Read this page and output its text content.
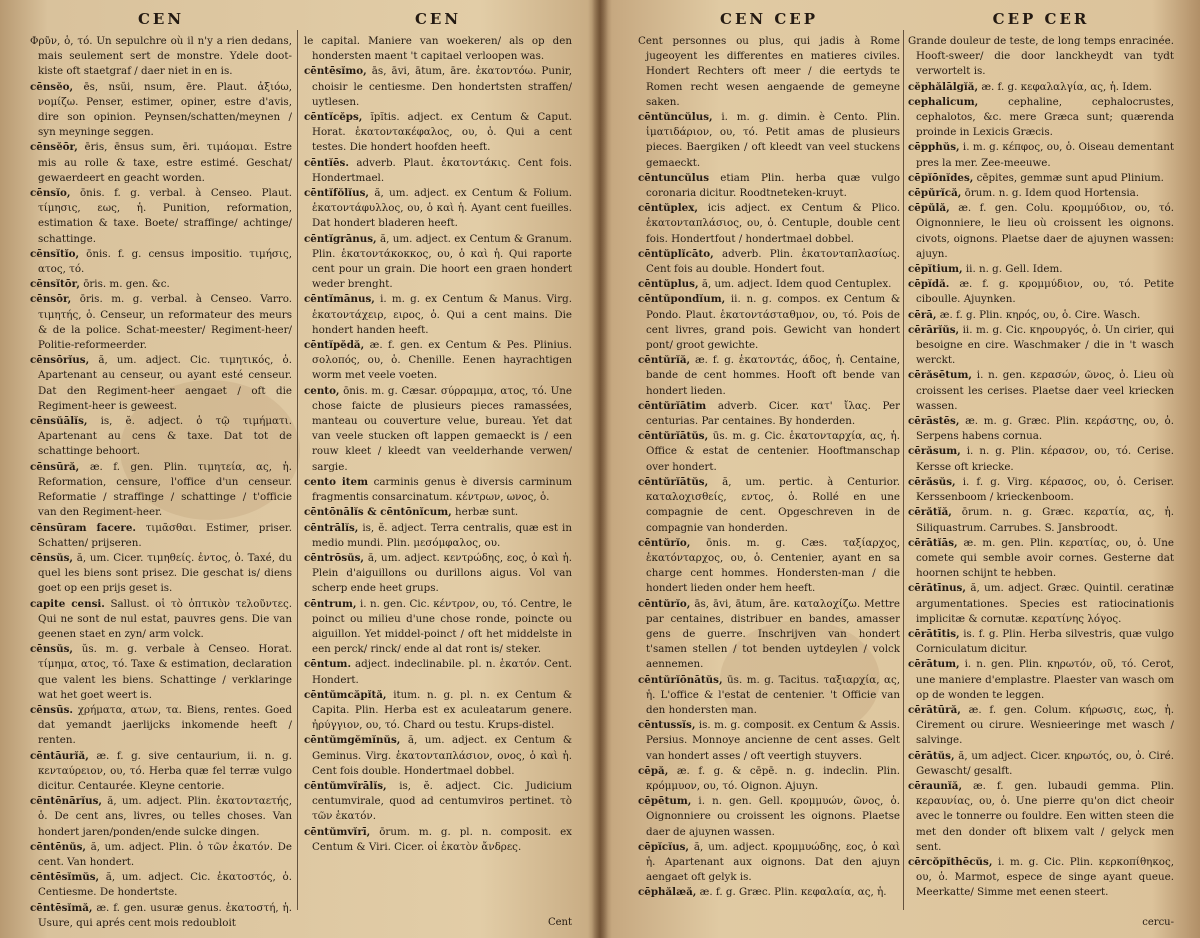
CEN

Φρῦν, ὁ, τό. Un sepulchre où il n'y a rien dedans, mais seulement sert de monstre. Ydele doot-kiste oft staetgraf / daer niet in en is.

cēnsĕo, ēs, nsŭi, nsum, ēre. Plaut. ἀξιόω, νομίζω. Penser, estimer, opiner, estre d'avis, dire son opinion. Peynsen/schatten/meynen / syn meyninge seggen.

cēnsĕōr, ēris, ēnsus sum, ēri. τιμάομαι. Estre mis au rolle & taxe, estre estimé. Geschat/ gewaerdeert en geacht worden.

cēnsĭo, ōnis. f. g. verbal. à Censeo. Plaut. τίμησις, εως, ἡ. Punition, reformation, estimation & taxe. Boete/ straffinge/ achtinge/ schattinge.

cēnsĭtĭo, ōnis. f. g. census impositio. τιμήσις, ατος, τό.

cēnsĭtōr, ōris. m. gen. &c.

cēnsōr, ōris. m. g. verbal. à Censeo. Varro. τιμητής, ὁ. Censeur, un reformateur des meurs & de la police. Schat-meester/ Regiment-heer/ Politie-reformeerder.

cēnsōrĭus, ă, um. adject. Cic. τιμητικός, ὁ. Apartenant au censeur, ou ayant esté censeur. Dat den Regiment-heer aengaet / oft die Regiment-heer is geweest.

cēnsŭālĭs, is, ĕ. adject. ὁ τῷ τιμήματι. Apartenant au cens & taxe. Dat tot de schattinge behoort.

cēnsūră, æ. f. gen. Plin. τιμητεία, ας, ἡ. Reformation, censure, l'office d'un censeur. Reformatie / straffinge / schattinge / t'officie van den Regiment-heer.

cēnsūram facere. τιμᾶσθαι. Estimer, priser. Schatten/ prijseren.

cēnsŭs, ă, um. Cicer. τιμηθείς. ἐντος, ὁ. Taxé, du quel les biens sont prisez. Die geschat is/ diens goet op een prijs geset is.

capite censi. Sallust. οἱ τὸ ὀπτικὸν τελοῦντες. Qui ne sont de nul estat, pauvres gens. Die van geenen staet en zyn/ arm volck.

cēnsŭs, ŭs. m. g. verbale à Censeo. Horat. τίμημα, ατος, τό. Taxe & estimation, declaration que valent les biens. Schattinge / verklaringe wat het goet weert is.

cēnsūs. χρήματα, ατων, τα. Biens, rentes. Goed dat yemandt jaerlijcks inkomende heeft / renten.

cēntāurĭă, æ. f. g. sive centaurium, ii. n. g. κενταύρειον, ου, τό. Herba quæ fel terræ vulgo dicitur. Centaurée. Kleyne centorie.

cēntēnārĭus, ă, um. adject. Plin. ἑκατονταετής, ὁ. De cent ans, livres, ou telles choses. Van hondert jaren/ponden/ende sulcke dingen.

cēntēnŭs, ă, um. adject. Plin. ὁ τῶν ἑκατόν. De cent. Van hondert.

cēntēsĭmŭs, ă, um. adject. Cic. ἑκατοστός, ὁ. Centiesme. De hondertste.

cēntēsĭmă, æ. f. gen. usuræ genus. ἑκατοστή, ἡ. Usure, qui aprés cent mois redoubloit

CEN

le capital. Maniere van woekeren/ als op den hondersten maent 't capitael verloopen was.

cēntēsĭmo, ās, āvi, ātum, āre. ἑκατοντόω. Punir, choisir le centiesme. Den hondertsten straffen/ uytlesen.

cēntĭcĕps, ĭpĭtis. adject. ex Centum & Caput. Horat. ἑκατοντακέφαλος, ου, ὁ. Qui a cent testes. Die hondert hoofden heeft.

cēntĭēs. adverb. Plaut. ἑκατοντάκις. Cent fois. Hondertmael.

cēntĭfŏlĭus, ă, um. adject. ex Centum & Folium. ἑκατοντάφυλλος, ου, ὁ καὶ ἡ. Ayant cent fueilles. Dat hondert bladeren heeft.

cēntĭgrānus, ă, um. adject. ex Centum & Granum. Plin. ἑκατοντάκοκκος, ου, ὁ καὶ ἡ. Qui raporte cent pour un grain. Die hoort een graen hondert weder brenght.

cēntĭmānus, i. m. g. ex Centum & Manus. Virg. ἑκατοντάχειρ, ειρος, ὁ. Qui a cent mains. Die hondert handen heeft.

cēntĭpĕdă, æ. f. gen. ex Centum & Pes. Plinius. σολοπός, ου, ὁ. Chenille. Eenen hayrachtigen worm met veele voeten.

cento, ōnis. m. g. Cæsar. σύρραμμα, ατος, τό. Une chose faicte de plusieurs pieces ramassées, manteau ou couverture velue, bureau. Yet dat van veele stucken oft lappen gemaeckt is / een rouw kleet / kleedt van veelderhande verwen/ sargie.

cento item carminis genus è diversis carminum fragmentis consarcinatum. κέντρων, ωνος, ὁ.

cēntōnālĭs & cēntōnĭcum, herbæ sunt.

cēntrālĭs, is, ĕ. adject. Terra centralis, quæ est in medio mundi. Plin. μεσόμφαλος, ου.

cēntrōsŭs, ă, um. adject. κεντρώδης, εος, ὁ καὶ ἡ. Plein d'aiguillons ou durillons aigus. Vol van scherp ende heet grups.

cēntrum, i. n. gen. Cic. κέντρον, ου, τό. Centre, le poinct ou milieu d'une chose ronde, poincte ou aiguillon. Yet middel-poinct / oft het middelste in een perck/ rinck/ ende al dat ront is/ steker.

cēntum. adject. indeclinabile. pl. n. ἑκατόν. Cent. Hondert.

cēntŭmcăpĭtă, itum. n. g. pl. n. ex Centum & Capita. Plin. Herba est ex aculeatarum genere. ἠρύγγιον, ου, τό. Chard ou testu. Krups-distel.

cēntŭmgĕmĭnŭs, ă, um. adject. ex Centum & Geminus. Virg. ἑκατονταπλάσιον, ονος, ὁ καὶ ἡ. Cent fois double. Hondertmael dobbel.

cēntŭmvĭrālĭs, is, ĕ. adject. Cic. Judicium centumvirale, quod ad centumviros pertinet. τὸ τῶν ἑκατόν.

cēntŭmvĭrī, ōrum. m. g. pl. n. composit. ex Centum & Viri. Cicer. οἱ ἑκατὸν ἄνδρες.

Cent
CEN CEP

Cent personnes ou plus, qui jadis à Rome jugeoyent les differentes en matieres civiles. Hondert Rechters oft meer / die eertyds te Romen recht wesen aengaende de gemeyne saken.

cēntŭncŭlus, i. m. g. dimin. è Cento. Plin. ἱματιδάριον, ου, τό. Petit amas de plusieurs pieces. Baergiken / oft kleedt van veel stuckens gemaeckt.

cēntuncŭlus etiam Plin. herba quæ vulgo coronaria dicitur. Roodtneteken-kruyt.

cēntŭplex, icis adject. ex Centum & Plico. ἑκατονταπλάσιος, ου, ὁ. Centuple, double cent fois. Hondertfout / hondertmael dobbel.

cēntŭplĭcāto, adverb. Plin. ἑκατονταπλασίως. Cent fois au double. Hondert fout.

cēntŭplus, ă, um. adject. Idem quod Centuplex.

cēntŭpondĭum, ii. n. g. compos. ex Centum & Pondo. Plaut. ἑκατοντάσταθμον, ου, τό. Pois de cent livres, grand pois. Gewicht van hondert pont/ groot gewichte.

cēntŭrĭă, æ. f. g. ἑκατοντάς, άδος, ἡ. Centaine, bande de cent hommes. Hooft oft bende van hondert lieden.

cēntŭrĭātim adverb. Cicer. κατ' ἴλας. Per centurias. Par centaines. By honderden.

cēntŭrĭātŭs, ūs. m. g. Cic. ἑκατονταρχία, ας, ἡ. Office & estat de centenier. Hooftmanschap over hondert.

cēntŭrĭātŭs, ă, um. pertic. à Centurior. καταλοχισθείς, εντος, ὁ. Rollé en une compagnie de cent. Opgeschreven in de compagnie van honderden.

cēntŭrĭo, ōnis. m. g. Cæs. ταξίαρχος, ἑκατόνταρχος, ου, ὁ. Centenier, ayant en sa charge cent hommes. Hondersten-man / die hondert lieden onder hem heeft.

cēntŭrĭo, ās, āvi, ātum, āre. καταλοχίζω. Mettre par centaines, distribuer en bandes, amasser gens de guerre. Inschrijven van hondert t'samen stellen / tot benden uytdeylen / volck aennemen.

cēntŭrĭōnātŭs, ūs. m. g. Tacitus. ταξιαρχία, ας, ἡ. L'office & l'estat de centenier. 't Officie van den hondersten man.

cēntussĭs, is. m. g. composit. ex Centum & Assis. Persius. Monnoye ancienne de cent asses. Gelt van hondert asses / oft veertigh stuyvers.

cēpă, æ. f. g. & cēpē. n. g. indeclin. Plin. κρόμμυον, ου, τό. Oignon. Ajuyn.

cēpētum, i. n. gen. Gell. κρομμυών, ῶνος, ὁ. Oignonniere ou croissent les oignons. Plaetse daer de ajuynen wassen.

cēpĭcĭus, ă, um. adject. κρομμυώδης, εος, ὁ καὶ ἡ. Apartenant aux oignons. Dat den ajuyn aengaet oft gelyk is.

cēphălæă, æ. f. g. Græc. Plin. κεφαλαία, ας, ἡ.

CEP CER

Grande douleur de teste, de long temps enracinée. Hooft-sweer/ die door lanckheydt van tydt verwortelt is.

cĕphălālgĭă, æ. f. g. κεφαλαλγία, ας, ἡ. Idem.

cephalicum,	cephaline, cephalocrustes, cephalotos, &c. mere Græca sunt; quærenda proinde in Lexicis Græcis.

cēpphŭs, i. m. g. κέπφος, ου, ὁ. Oiseau dementant pres la mer. Zee-meeuwe.

cēpĭōnĭdes, cēpites, gemmæ sunt apud Plinium.

cēpŭrĭcă, ōrum. n. g. Idem quod Hortensia.

cēpŭlă, æ. f. gen. Colu. κρομμύδιον, ου, τό. Oignonniere, le lieu où croissent les oignons. civots, oignons. Plaetse daer de ajuynen wassen: ajuyn.

cēpĭtium, ii. n. g. Gell. Idem.

cēpĭdă. æ. f. g. κρομμύδιον, ου, τό. Petite ciboulle. Ajuynken.

cērā, æ. f. g. Plin. κηρός, ου, ὁ. Cire. Wasch.

cērārĭŭs, ii. m. g. Cic. κηρουργός, ὁ. Un cirier, qui besoigne en cire. Waschmaker / die in 't wasch werckt.

cērăsētum, i. n. gen. κερασών, ῶνος, ὁ. Lieu où croissent les cerises. Plaetse daer veel kriecken wassen.

cērāstēs, æ. m. g. Græc. Plin. κεράστης, ου, ὁ. Serpens habens cornua.

cērăsum, i. n. g. Plin. κέρασον, ου, τό. Cerise. Kersse oft kriecke.

cērăsŭs, i. f. g. Virg. κέρασος, ου, ὁ. Ceriser. Kerssenboom / krieckenboom.

cērătĭă, ōrum. n. g. Græc. κερατία, ας, ἡ. Siliquastrum. Carrubes. S. Jansbroodt.

cērātĭās, æ. m. gen. Plin. κερατίας, ου, ὁ. Une comete qui semble avoir cornes. Gesterne dat hoornen schijnt te hebben.

cērātīnus, ă, um. adject. Græc. Quintil. ceratinæ argumentationes. Species est ratiocinationis implicitæ & cornutæ. κερατίνης λόγος.

cērātītis, is. f. g. Plin. Herba silvestris, quæ vulgo Corniculatum dicitur.

cērātum, i. n. gen. Plin. κηρωτόν, οῦ, τό. Cerot, une maniere d'emplastre. Plaester van wasch om op de wonden te leggen.

cērātūră, æ. f. gen. Colum. κήρωσις, εως, ἡ. Cirement ou cirure. Wesnieeringe met wasch / salvinge.

cērātŭs, ă, um adject. Cicer. κηρωτός, ου, ὁ. Ciré. Gewascht/ gesalft.

cēraunĭă, æ. f. gen. lubaudi gemma. Plin. κεραυνίας, ου, ὁ. Une pierre qu'on dict cheoir avec le tonnerre ou fouldre. Een witten steen die met den donder oft blixem valt / gelyck men sent.

cērcŏpĭthēcŭs, i. m. g. Cic. Plin. κερκοπίθηκος, ου, ὁ. Marmot, espece de singe ayant queue. Meerkatte/ Simme met eenen steert.

cercu-
